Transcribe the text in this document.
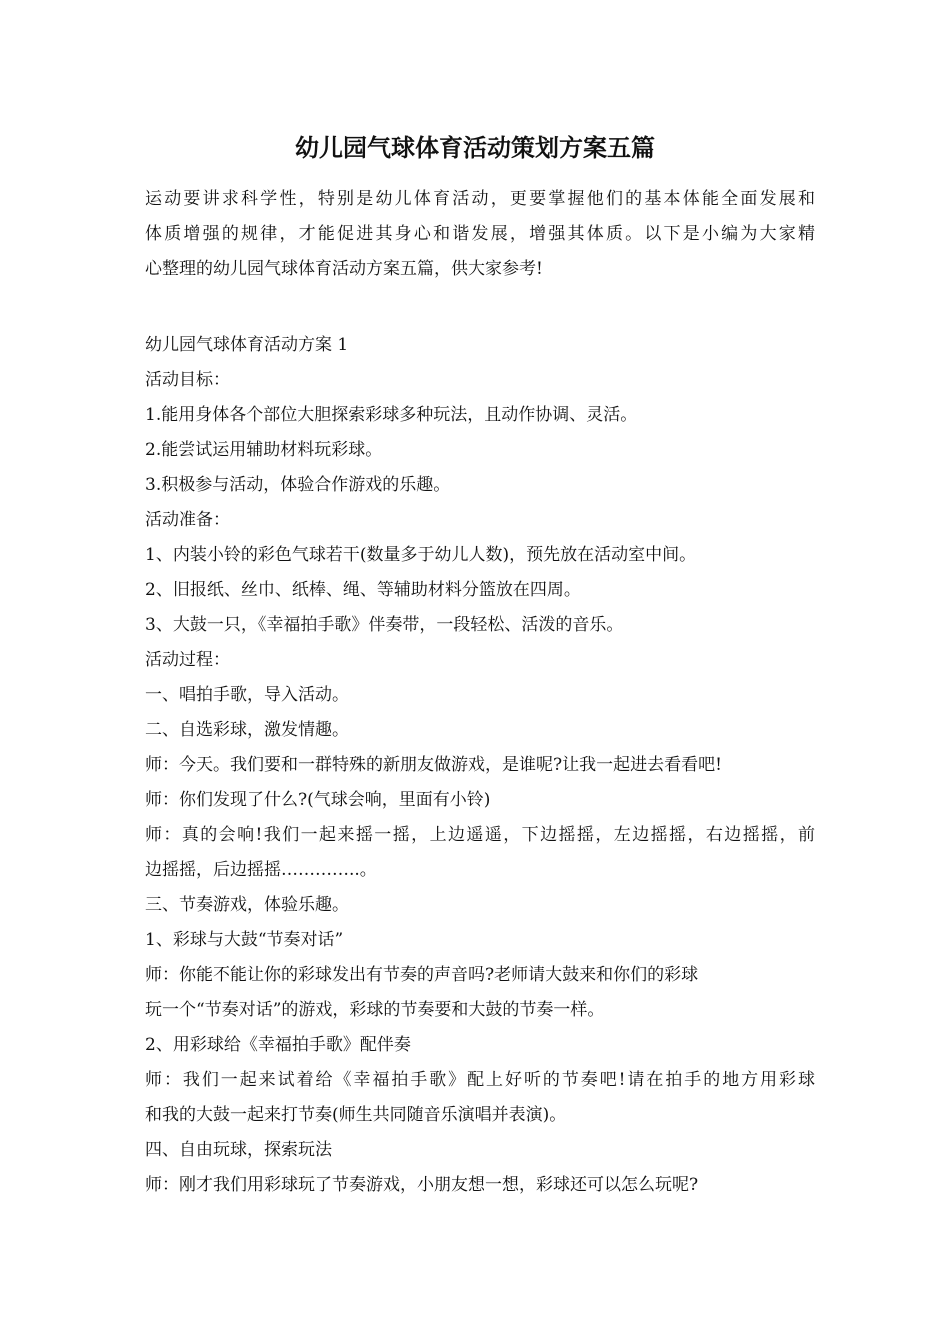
幼儿园气球体育活动策划方案五篇
运动要讲求科学性，特别是幼儿体育活动，更要掌握他们的基本体能全面发展和
体质增强的规律，才能促进其身心和谐发展，增强其体质。以下是小编为大家精
心整理的幼儿园气球体育活动方案五篇，供大家参考!
幼儿园气球体育活动方案 1
活动目标：
1.能用身体各个部位大胆探索彩球多种玩法，且动作协调、灵活。
2.能尝试运用辅助材料玩彩球。
3.积极参与活动，体验合作游戏的乐趣。
活动准备：
1、内装小铃的彩色气球若干(数量多于幼儿人数)，预先放在活动室中间。
2、旧报纸、丝巾、纸棒、绳、等辅助材料分篮放在四周。
3、大鼓一只，《幸福拍手歌》伴奏带，一段轻松、活泼的音乐。
活动过程：
一、唱拍手歌，导入活动。
二、自选彩球，激发情趣。
师：今天。我们要和一群特殊的新朋友做游戏，是谁呢?让我一起进去看看吧!
师：你们发现了什么?(气球会响，里面有小铃)
师：真的会响!我们一起来摇一摇，上边遥遥，下边摇摇，左边摇摇，右边摇摇，前
边摇摇，后边摇摇…………..。
三、节奏游戏，体验乐趣。
1、彩球与大鼓“节奏对话”
师：你能不能让你的彩球发出有节奏的声音吗?老师请大鼓来和你们的彩球
玩一个“节奏对话”的游戏，彩球的节奏要和大鼓的节奏一样。
2、用彩球给《幸福拍手歌》配伴奏
师：我们一起来试着给《幸福拍手歌》配上好听的节奏吧!请在拍手的地方用彩球
和我的大鼓一起来打节奏(师生共同随音乐演唱并表演)。
四、自由玩球，探索玩法
师：刚才我们用彩球玩了节奏游戏，小朋友想一想，彩球还可以怎么玩呢?
